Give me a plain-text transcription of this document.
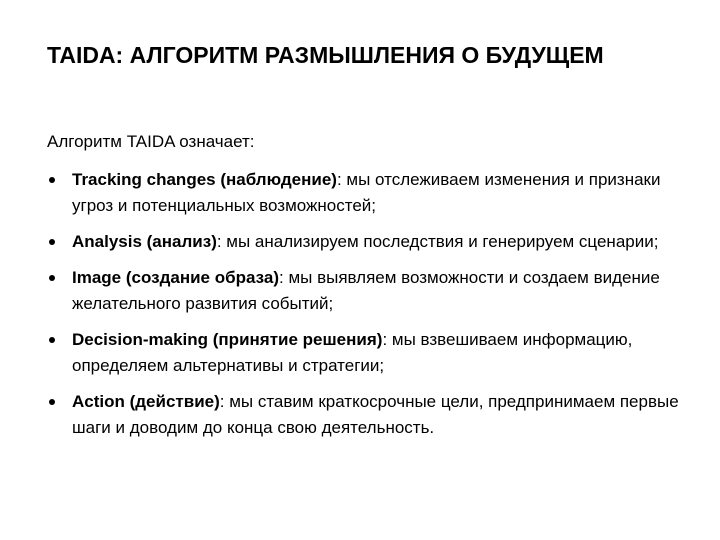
TAIDA: АЛГОРИТМ РАЗМЫШЛЕНИЯ О БУДУЩЕМ
Алгоритм TAIDA означает:
Tracking changes (наблюдение): мы отслеживаем изменения и признаки угроз и потенциальных возможностей;
Analysis (анализ): мы анализируем последствия и генерируем сценарии;
Image (создание образа): мы выявляем возможности и создаем видение желательного развития событий;
Decision-making (принятие решения): мы взвешиваем информацию, определяем альтернативы и стратегии;
Action (действие): мы ставим краткосрочные цели, предпринимаем первые шаги и доводим до конца свою деятельность.
